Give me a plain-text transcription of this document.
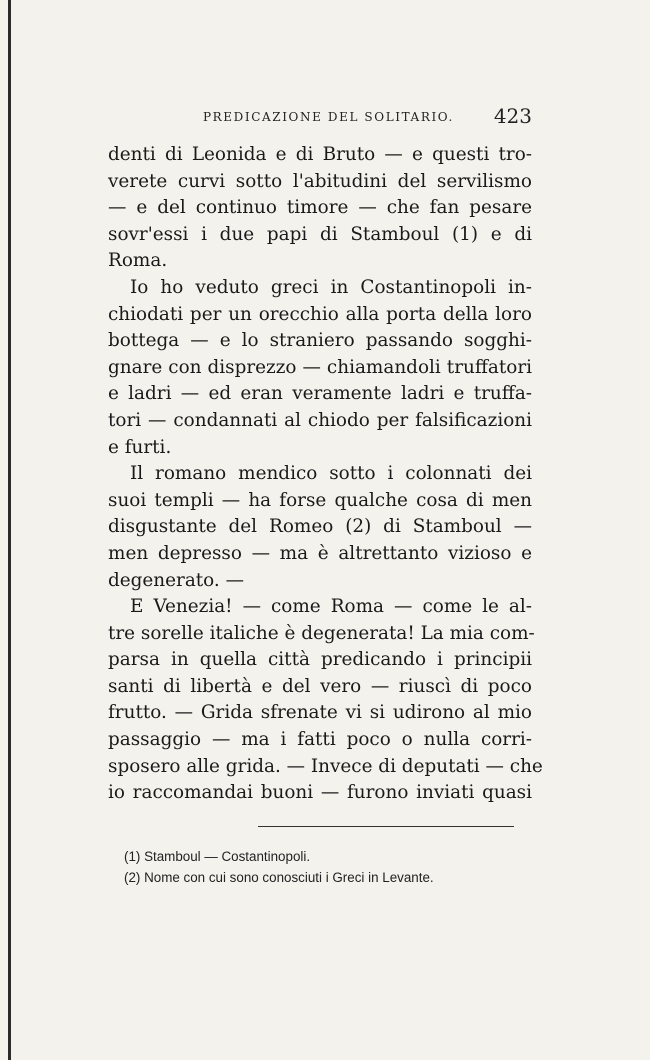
PREDICAZIONE DEL SOLITARIO. 423
denti di Leonida e di Bruto — e questi tro-
verete curvi sotto l'abitudini del servilismo
— e del continuo timore — che fan pesare
sovr'essi i due papi di Stamboul (1) e di
Roma.
Io ho veduto greci in Costantinopoli in-
chiodati per un orecchio alla porta della loro
bottega — e lo straniero passando sogghi-
gnare con disprezzo — chiamandoli truffatori
e ladri — ed eran veramente ladri e truffa-
tori — condannati al chiodo per falsificazioni
e furti.
Il romano mendico sotto i colonnati dei
suoi templi — ha forse qualche cosa di men
disgustante del Romeo (2) di Stamboul —
men depresso — ma è altrettanto vizioso e
degenerato. —
E Venezia! — come Roma — come le al-
tre sorelle italiche è degenerata! La mia com-
parsa in quella città predicando i principii
santi di libertà e del vero — riuscì di poco
frutto. — Grida sfrenate vi si udirono al mio
passaggio — ma i fatti poco o nulla corri-
sposero alle grida. — Invece di deputati — che
io raccomandai buoni — furono inviati quasi
(1) Stamboul — Costantinopoli.
(2) Nome con cui sono conosciuti i Greci in Levante.
